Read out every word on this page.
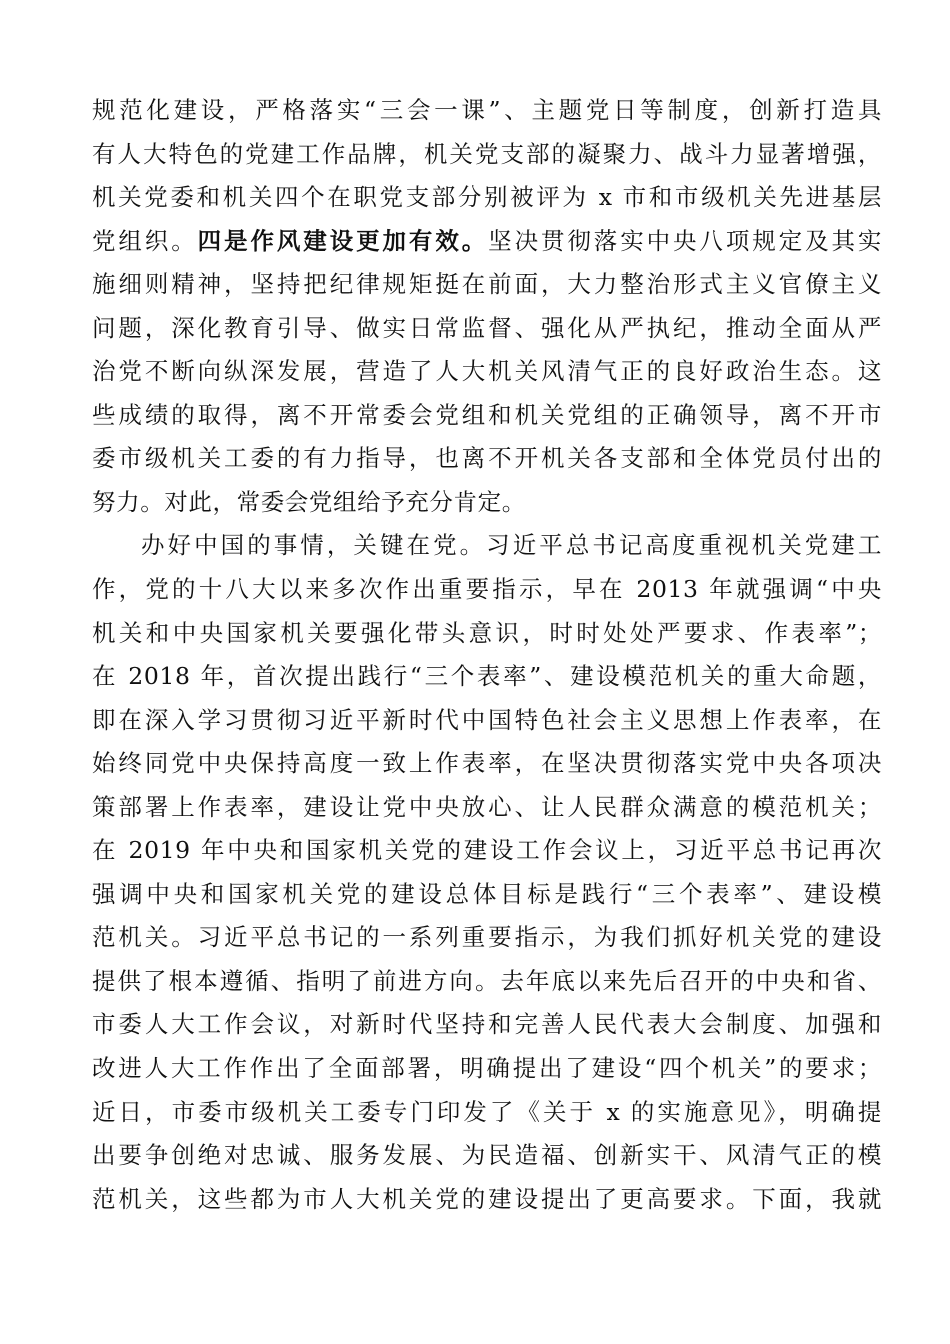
规范化建设，严格落实“三会一课”、主题党日等制度，创新打造具
有人大特色的党建工作品牌，机关党支部的凝聚力、战斗力显著增强，
机关党委和机关四个在职党支部分别被评为 x 市和市级机关先进基层
党组织。四是作风建设更加有效。坚决贯彻落实中央八项规定及其实
施细则精神，坚持把纪律规矩挺在前面，大力整治形式主义官僚主义
问题，深化教育引导、做实日常监督、强化从严执纪，推动全面从严
治党不断向纵深发展，营造了人大机关风清气正的良好政治生态。这
些成绩的取得，离不开常委会党组和机关党组的正确领导，离不开市
委市级机关工委的有力指导，也离不开机关各支部和全体党员付出的
努力。对此，常委会党组给予充分肯定。
办好中国的事情，关键在党。习近平总书记高度重视机关党建工
作，党的十八大以来多次作出重要指示，早在 2013 年就强调“中央
机关和中央国家机关要强化带头意识，时时处处严要求、作表率”；
在 2018 年，首次提出践行“三个表率”、建设模范机关的重大命题，
即在深入学习贯彻习近平新时代中国特色社会主义思想上作表率，在
始终同党中央保持高度一致上作表率，在坚决贯彻落实党中央各项决
策部署上作表率，建设让党中央放心、让人民群众满意的模范机关；
在 2019 年中央和国家机关党的建设工作会议上，习近平总书记再次
强调中央和国家机关党的建设总体目标是践行“三个表率”、建设模
范机关。习近平总书记的一系列重要指示，为我们抓好机关党的建设
提供了根本遵循、指明了前进方向。去年底以来先后召开的中央和省、
市委人大工作会议，对新时代坚持和完善人民代表大会制度、加强和
改进人大工作作出了全面部署，明确提出了建设“四个机关”的要求；
近日，市委市级机关工委专门印发了《关于 x 的实施意见》，明确提
出要争创绝对忠诚、服务发展、为民造福、创新实干、风清气正的模
范机关，这些都为市人大机关党的建设提出了更高要求。下面，我就
